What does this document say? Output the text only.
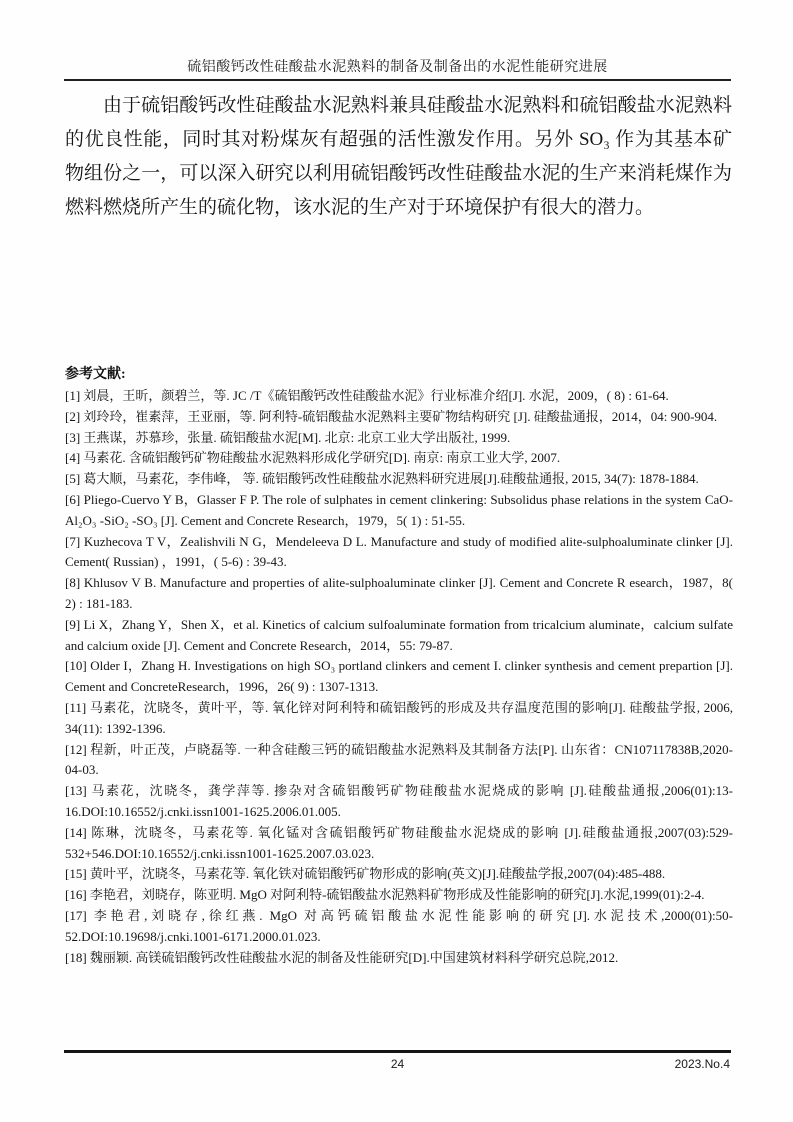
硫铝酸钙改性硅酸盐水泥熟料的制备及制备出的水泥性能研究进展
由于硫铝酸钙改性硅酸盐水泥熟料兼具硅酸盐水泥熟料和硫铝酸盐水泥熟料的优良性能，同时其对粉煤灰有超强的活性激发作用。另外 SO₃ 作为其基本矿物组份之一，可以深入研究以利用硫铝酸钙改性硅酸盐水泥的生产来消耗煤作为燃料燃烧所产生的硫化物，该水泥的生产对于环境保护有很大的潜力。
参考文献:
[1] 刘晨，王昕，颜碧兰，等. JC /T《硫铝酸钙改性硅酸盐水泥》行业标准介绍[J]. 水泥，2009，( 8) : 61-64.
[2] 刘玲玲，崔素萍，王亚丽，等. 阿利特-硫铝酸盐水泥熟料主要矿物结构研究 [J]. 硅酸盐通报，2014，04: 900-904.
[3] 王燕谋，苏慕珍，张量. 硫铝酸盐水泥[M]. 北京: 北京工业大学出版社, 1999.
[4] 马素花. 含硫铝酸钙矿物硅酸盐水泥熟料形成化学研究[D]. 南京: 南京工业大学, 2007.
[5] 葛大顺，马素花，李伟峰， 等. 硫铝酸钙改性硅酸盐水泥熟料研究进展[J].硅酸盐通报, 2015, 34(7): 1878-1884.
[6] Pliego-Cuervo Y B，Glasser F P. The role of sulphates in cement clinkering: Subsolidus phase relations in the system CaO-Al₂O₃ -SiO₂ -SO₃ [J]. Cement and Concrete Research，1979，5( 1) : 51-55.
[7] Kuzhecova T V，Zealishvili N G，Mendeleeva D L. Manufacture and study of modified alite-sulphoaluminate clinker [J]. Cement( Russian) ，1991，( 5-6) : 39-43.
[8] Khlusov V B. Manufacture and properties of alite-sulphoaluminate clinker [J]. Cement and Concrete R esearch，1987，8( 2) : 181-183.
[9] Li X，Zhang Y，Shen X，et al. Kinetics of calcium sulfoaluminate formation from tricalcium aluminate，calcium sulfate and calcium oxide [J]. Cement and Concrete Research，2014，55: 79-87.
[10] Older I，Zhang H. Investigations on high SO₃ portland clinkers and cement I. clinker synthesis and cement prepartion [J]. Cement and ConcreteResearch，1996，26( 9) : 1307-1313.
[11] 马素花，沈晓冬，黄叶平，等. 氧化锌对阿利特和硫铝酸钙的形成及共存温度范围的影响[J]. 硅酸盐学报, 2006, 34(11): 1392-1396.
[12] 程新，叶正茂，卢晓磊等. 一种含硅酸三钙的硫铝酸盐水泥熟料及其制备方法[P]. 山东省：CN107117838B,2020-04-03.
[13] 马素花，沈晓冬，龚学萍等. 掺杂对含硫铝酸钙矿物硅酸盐水泥烧成的影响 [J].硅酸盐通报,2006(01):13-16.DOI:10.16552/j.cnki.issn1001-1625.2006.01.005.
[14] 陈琳，沈晓冬，马素花等. 氧化锰对含硫铝酸钙矿物硅酸盐水泥烧成的影响 [J].硅酸盐通报,2007(03):529-532+546.DOI:10.16552/j.cnki.issn1001-1625.2007.03.023.
[15] 黄叶平，沈晓冬，马素花等. 氧化铁对硫铝酸钙矿物形成的影响(英文)[J].硅酸盐学报,2007(04):485-488.
[16] 李艳君，刘晓存，陈亚明. MgO 对阿利特-硫铝酸盐水泥熟料矿物形成及性能影响的研究[J].水泥,1999(01):2-4.
[17] 李艳君,刘晓存,徐红燕. MgO 对高钙硫铝酸盐水泥性能影响的研究[J].水泥技术,2000(01):50-52.DOI:10.19698/j.cnki.1001-6171.2000.01.023.
[18] 魏丽颖. 高镁硫铝酸钙改性硅酸盐水泥的制备及性能研究[D].中国建筑材料科学研究总院,2012.
24	2023.No.4
